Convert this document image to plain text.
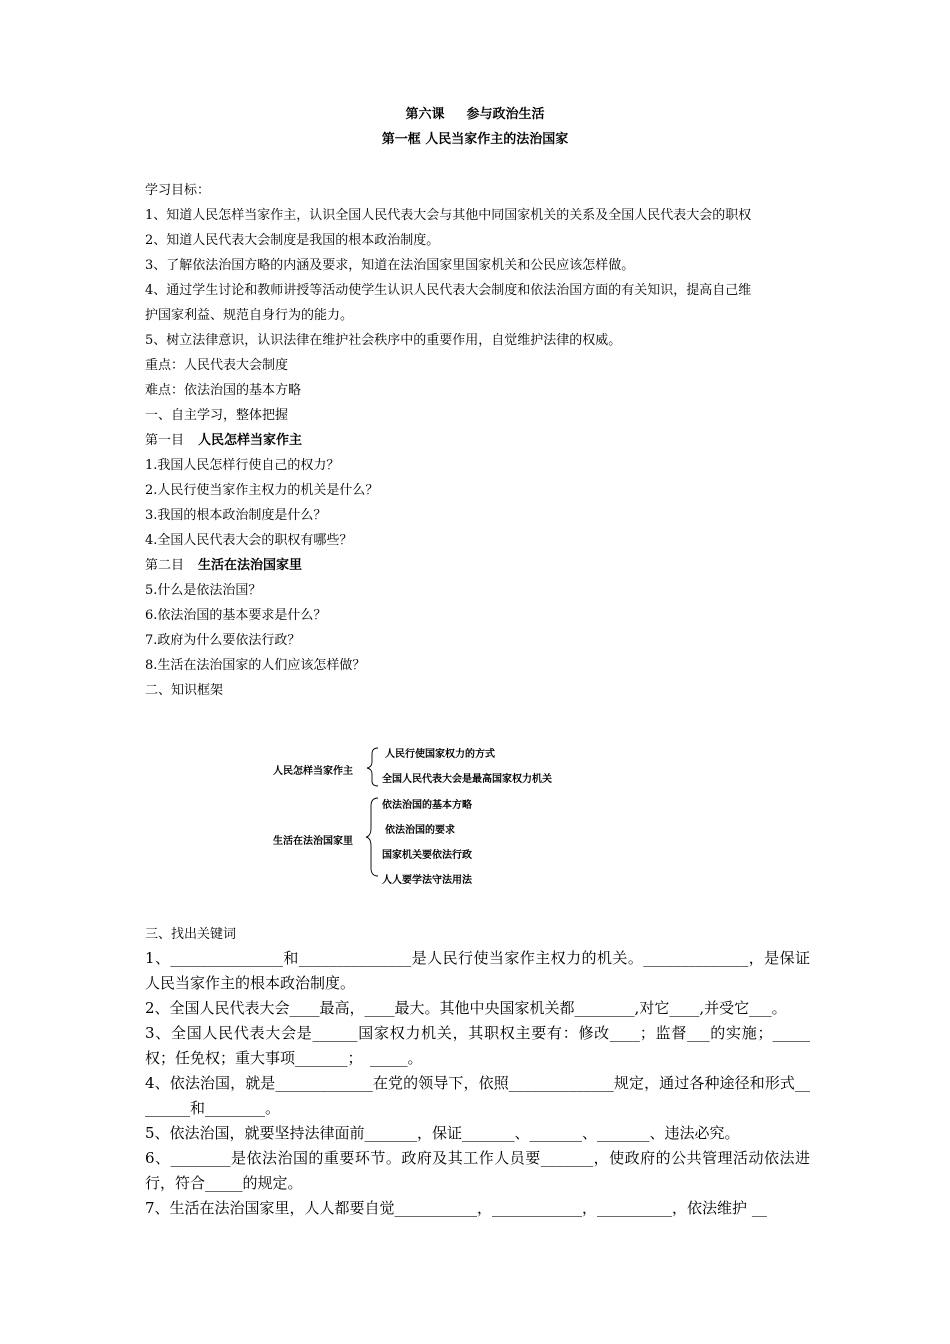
第六课 参与政治生活
第一框 人民当家作主的法治国家
学习目标：
1、知道人民怎样当家作主，认识全国人民代表大会与其他中同国家机关的关系及全国人民代表大会的职权
2、知道人民代表大会制度是我国的根本政治制度。
3、了解依法治国方略的内涵及要求，知道在法治国家里国家机关和公民应该怎样做。
4、通过学生讨论和教师讲授等活动使学生认识人民代表大会制度和依法治国方面的有关知识，提高自己维
护国家利益、规范自身行为的能力。
5、树立法律意识，认识法律在维护社会秩序中的重要作用，自觉维护法律的权威。
重点：人民代表大会制度
难点：依法治国的基本方略
一、自主学习，整体把握
第一目 人民怎样当家作主
1.我国人民怎样行使自己的权力？
2.人民行使当家作主权力的机关是什么？
3.我国的根本政治制度是什么？
4.全国人民代表大会的职权有哪些？
第二目 生活在法治国家里
5.什么是依法治国？
6.依法治国的基本要求是什么？
7.政府为什么要依法行政？
8.生活在法治国家的人们应该怎样做？
二、知识框架
人民怎样当家作主
人民行使国家权力的方式
全国人民代表大会是最高国家权力机关
生活在法治国家里
依法治国的基本方略
依法治国的要求
国家机关要依法行政
人人要学法守法用法
三、找出关键词
1、_______________和_______________是人民行使当家作主权力的机关。______________，是保证人民当家作主的根本政治制度。
2、全国人民代表大会____最高，____最大。其他中央国家机关都________,对它____,并受它___。
3、全国人民代表大会是______国家权力机关，其职权主要有：修改____；监督___的实施；_____权；任免权；重大事项_______；　_____。
4、依法治国，就是_____________在党的领导下，依照______________规定，通过各种途径和形式________和________。
5、依法治国，就要坚持法律面前_______，保证_______、_______、_______、违法必究。
6、________是依法治国的重要环节。政府及其工作人员要_______，使政府的公共管理活动依法进行，符合_____的规定。
7、生活在法治国家里，人人都要自觉___________，____________，__________，依法维护 __
